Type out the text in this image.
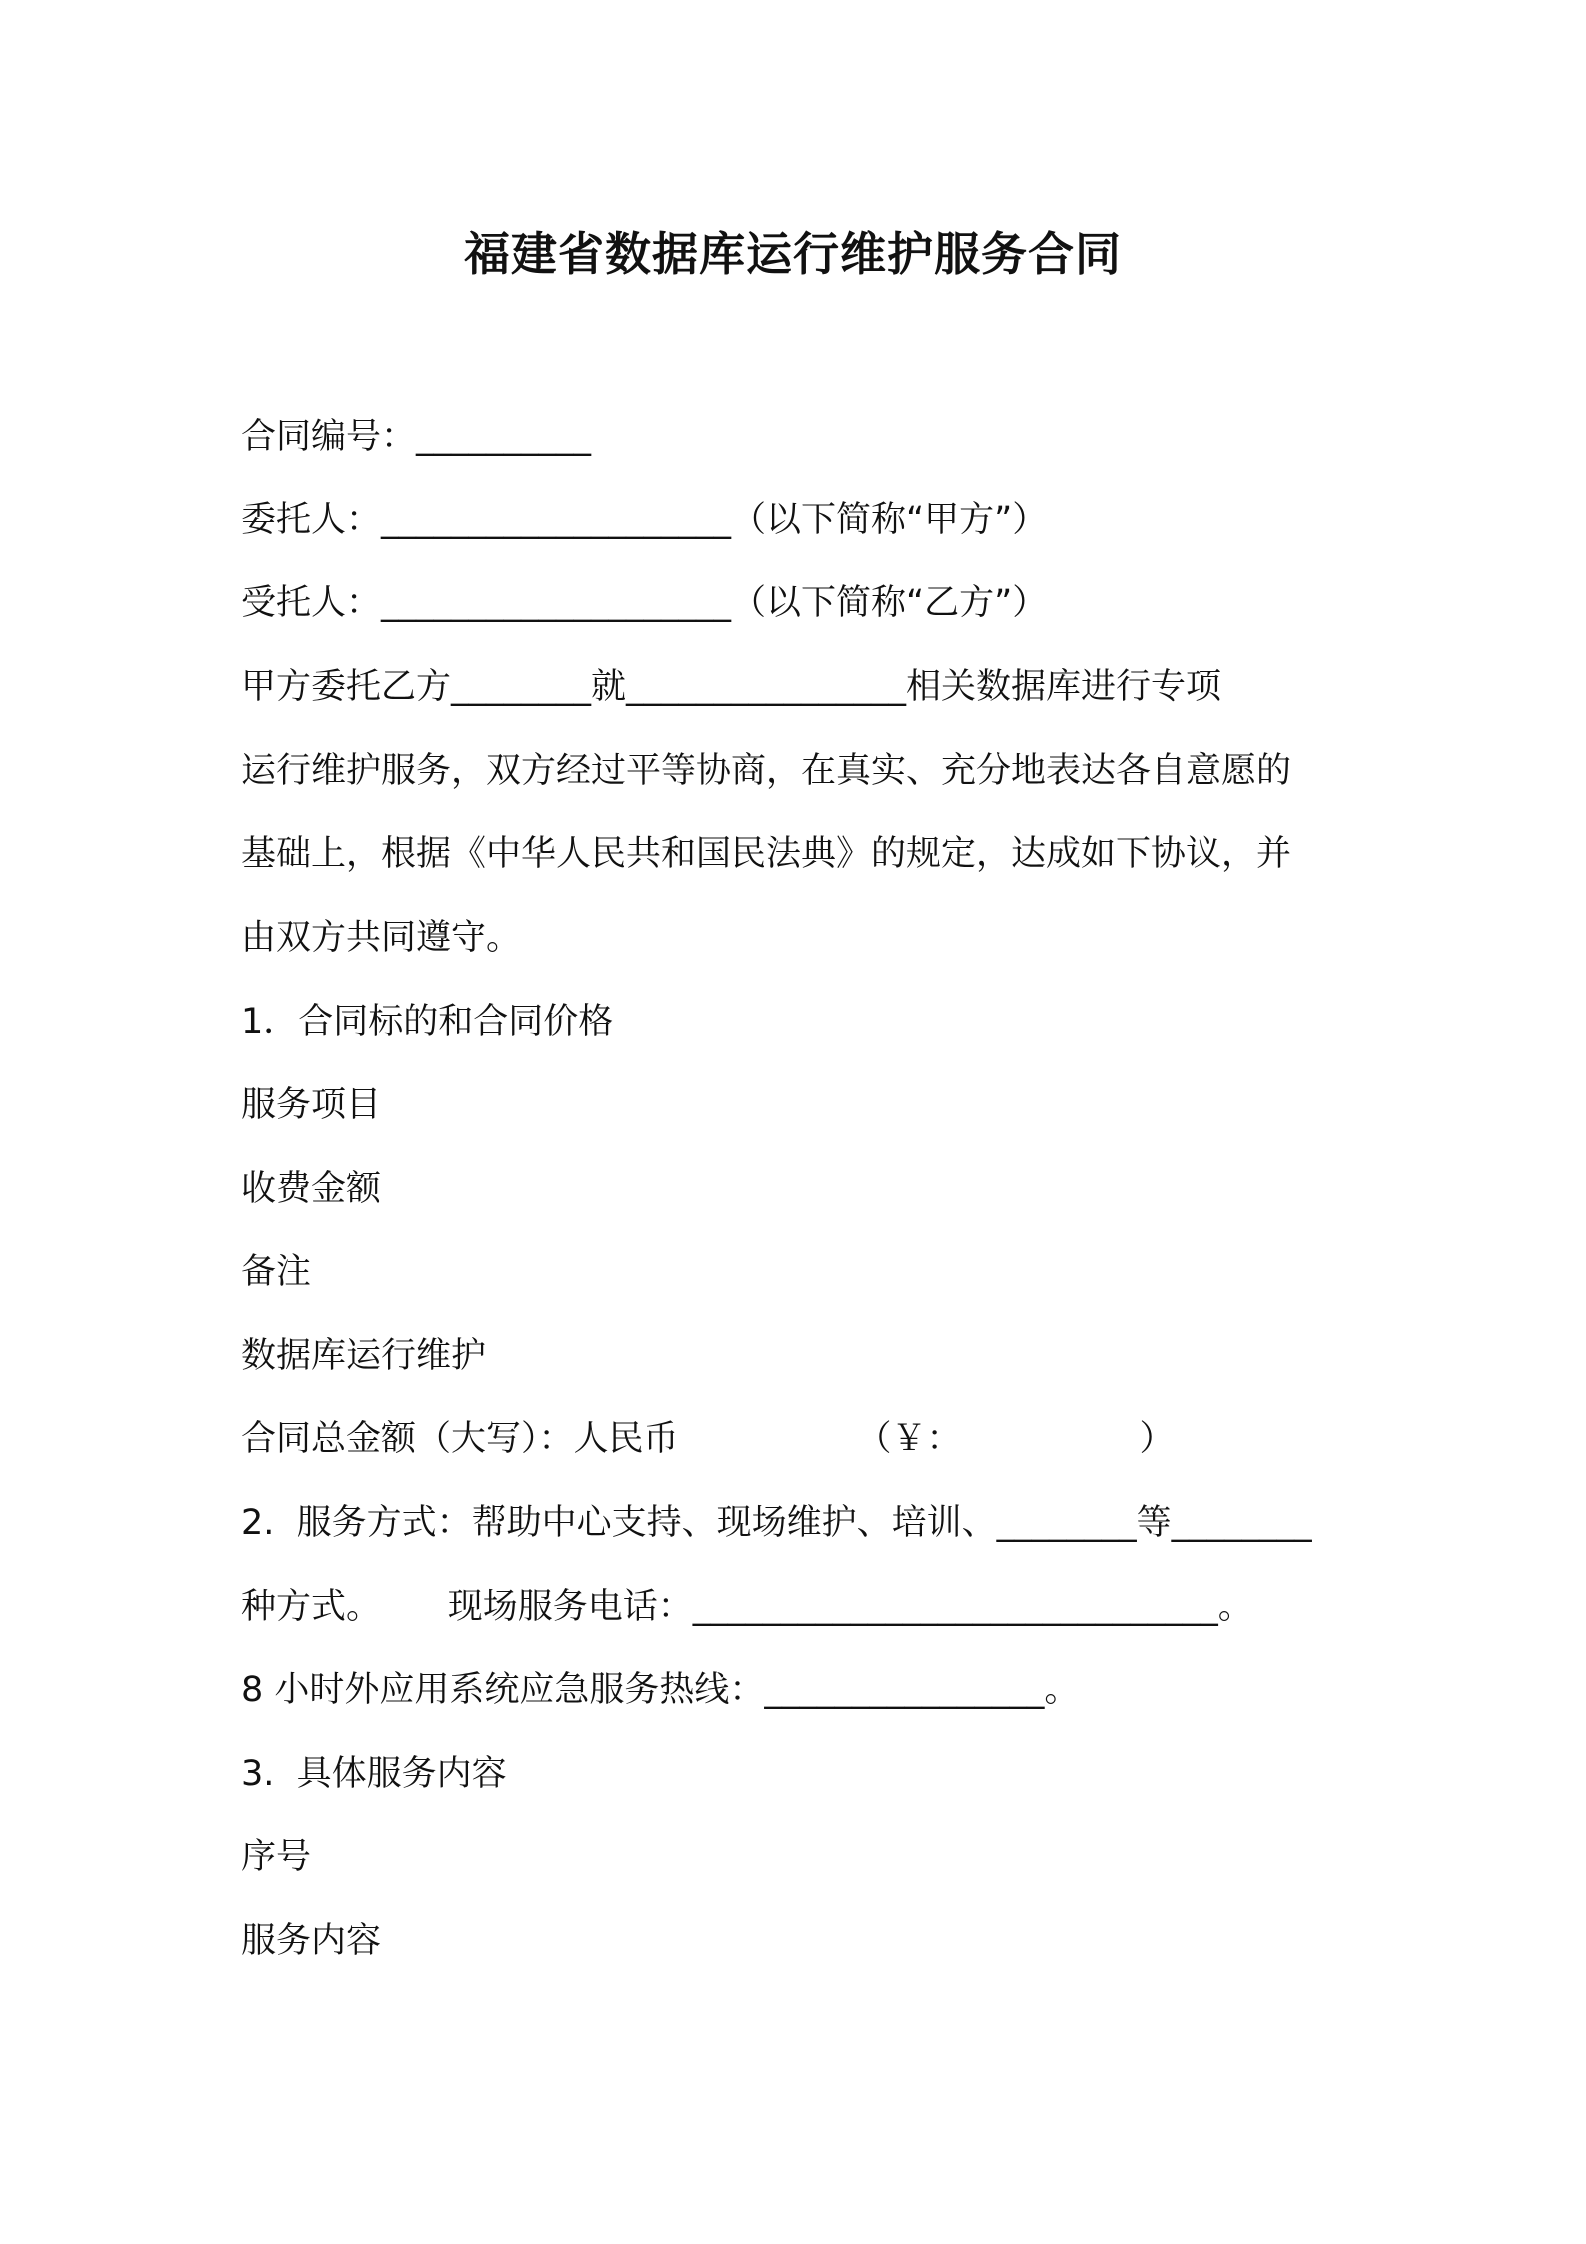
福建省数据库运行维护服务合同
合同编号：__________
委托人：____________________（以下简称“甲方”）
受托人：____________________（以下简称“乙方”）
甲方委托乙方________就________________相关数据库进行专项
运行维护服务，双方经过平等协商，在真实、充分地表达各自意愿的
基础上，根据《中华人民共和国民法典》的规定，达成如下协议，并
由双方共同遵守。
1．合同标的和合同价格
服务项目
收费金额
备注
数据库运行维护
合同总金额（大写）：人民币                （￥：                ）
2.  服务方式：帮助中心支持、现场维护、培训、________等________
种方式。      现场服务电话：______________________________。
8 小时外应用系统应急服务热线：________________。
3.  具体服务内容
序号
服务内容
